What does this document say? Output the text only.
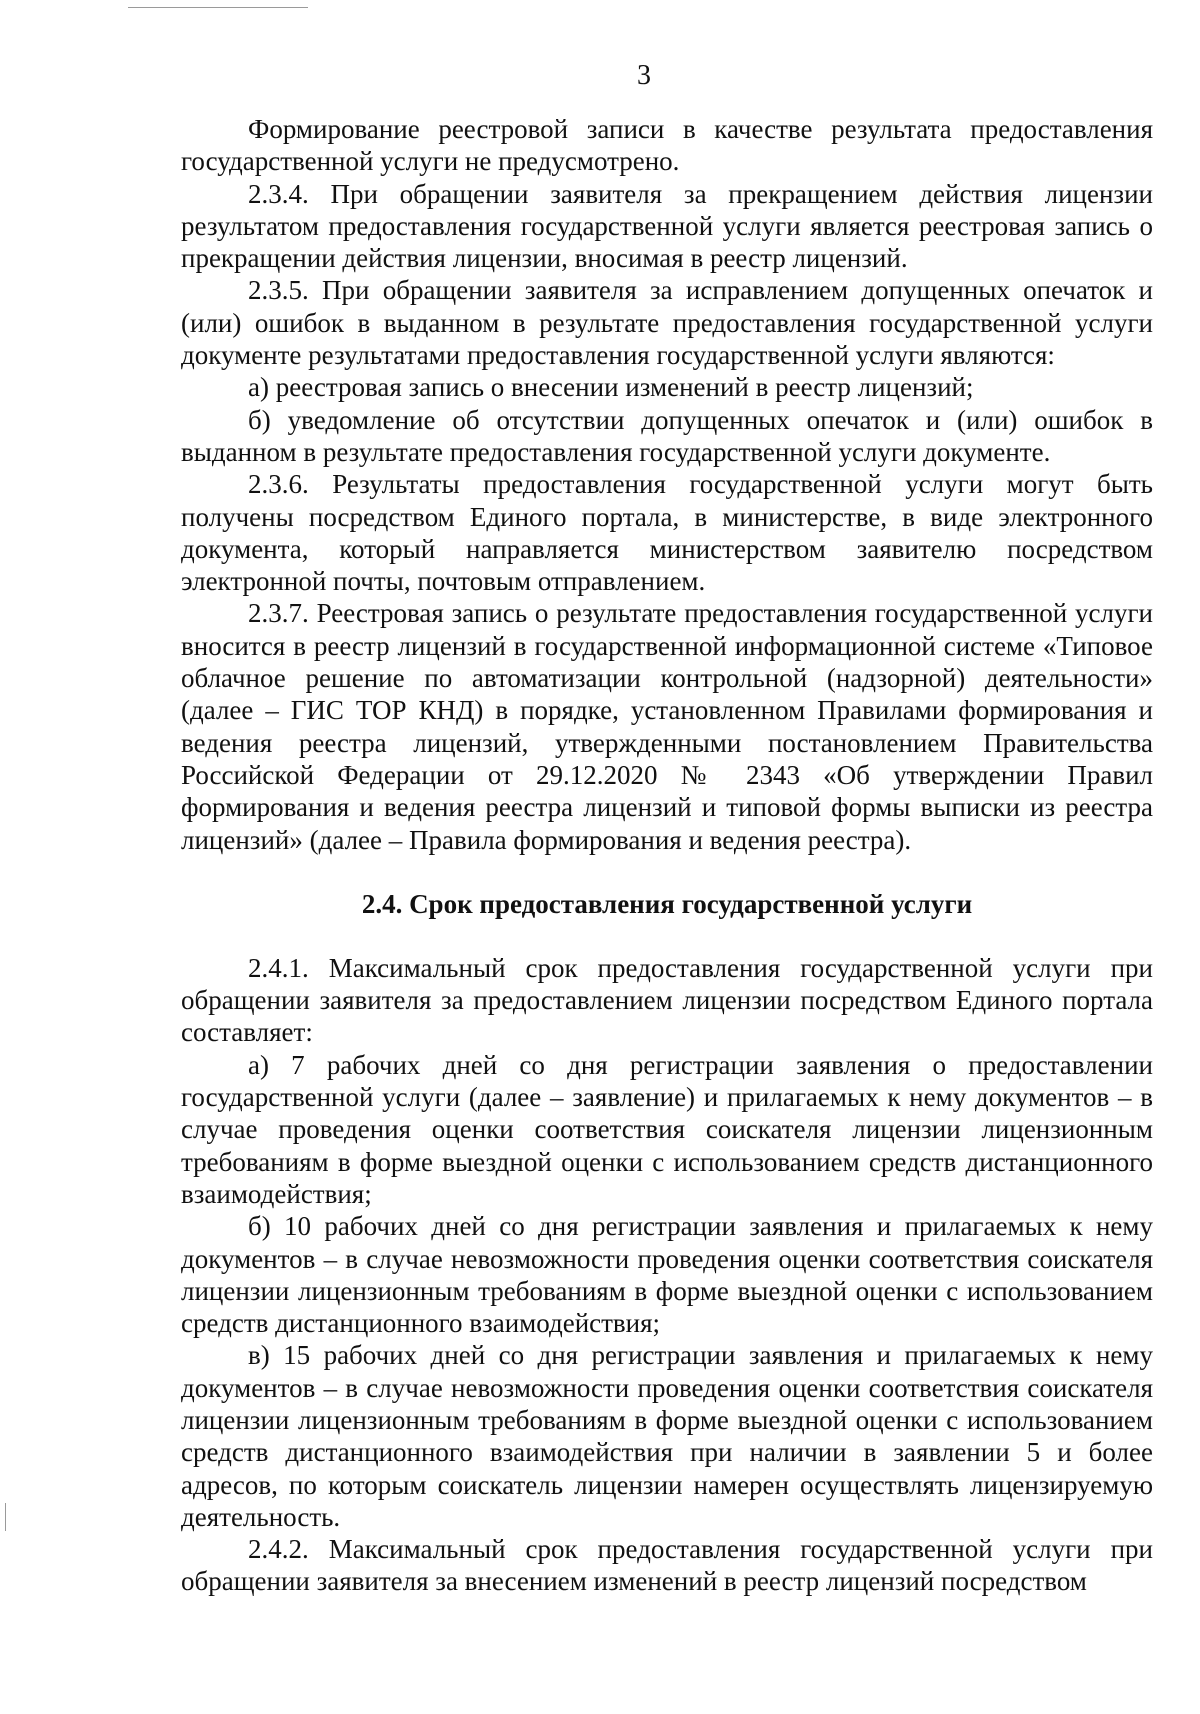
3

Формирование реестровой записи в качестве результата предоставления государственной услуги не предусмотрено.

2.3.4. При обращении заявителя за прекращением действия лицензии результатом предоставления государственной услуги является реестровая запись о прекращении действия лицензии, вносимая в реестр лицензий.

2.3.5. При обращении заявителя за исправлением допущенных опечаток и (или) ошибок в выданном в результате предоставления государственной услуги документе результатами предоставления государственной услуги являются:

а) реестровая запись о внесении изменений в реестр лицензий;

б) уведомление об отсутствии допущенных опечаток и (или) ошибок в выданном в результате предоставления государственной услуги документе.

2.3.6. Результаты предоставления государственной услуги могут быть получены посредством Единого портала, в министерстве, в виде электронного документа, который направляется министерством заявителю посредством электронной почты, почтовым отправлением.

2.3.7. Реестровая запись о результате предоставления государственной услуги вносится в реестр лицензий в государственной информационной системе «Типовое облачное решение по автоматизации контрольной (надзорной) деятельности» (далее – ГИС ТОР КНД) в порядке, установленном Правилами формирования и ведения реестра лицензий, утвержденными постановлением Правительства Российской Федерации от 29.12.2020 № 2343 «Об утверждении Правил формирования и ведения реестра лицензий и типовой формы выписки из реестра лицензий» (далее – Правила формирования и ведения реестра).

2.4. Срок предоставления государственной услуги

2.4.1. Максимальный срок предоставления государственной услуги при обращении заявителя за предоставлением лицензии посредством Единого портала составляет:

а) 7 рабочих дней со дня регистрации заявления о предоставлении государственной услуги (далее – заявление) и прилагаемых к нему документов – в случае проведения оценки соответствия соискателя лицензии лицензионным требованиям в форме выездной оценки с использованием средств дистанционного взаимодействия;

б) 10 рабочих дней со дня регистрации заявления и прилагаемых к нему документов – в случае невозможности проведения оценки соответствия соискателя лицензии лицензионным требованиям в форме выездной оценки с использованием средств дистанционного взаимодействия;

в) 15 рабочих дней со дня регистрации заявления и прилагаемых к нему документов – в случае невозможности проведения оценки соответствия соискателя лицензии лицензионным требованиям в форме выездной оценки с использованием средств дистанционного взаимодействия при наличии в заявлении 5 и более адресов, по которым соискатель лицензии намерен осуществлять лицензируемую деятельность.

2.4.2. Максимальный срок предоставления государственной услуги при обращении заявителя за внесением изменений в реестр лицензий посредством
